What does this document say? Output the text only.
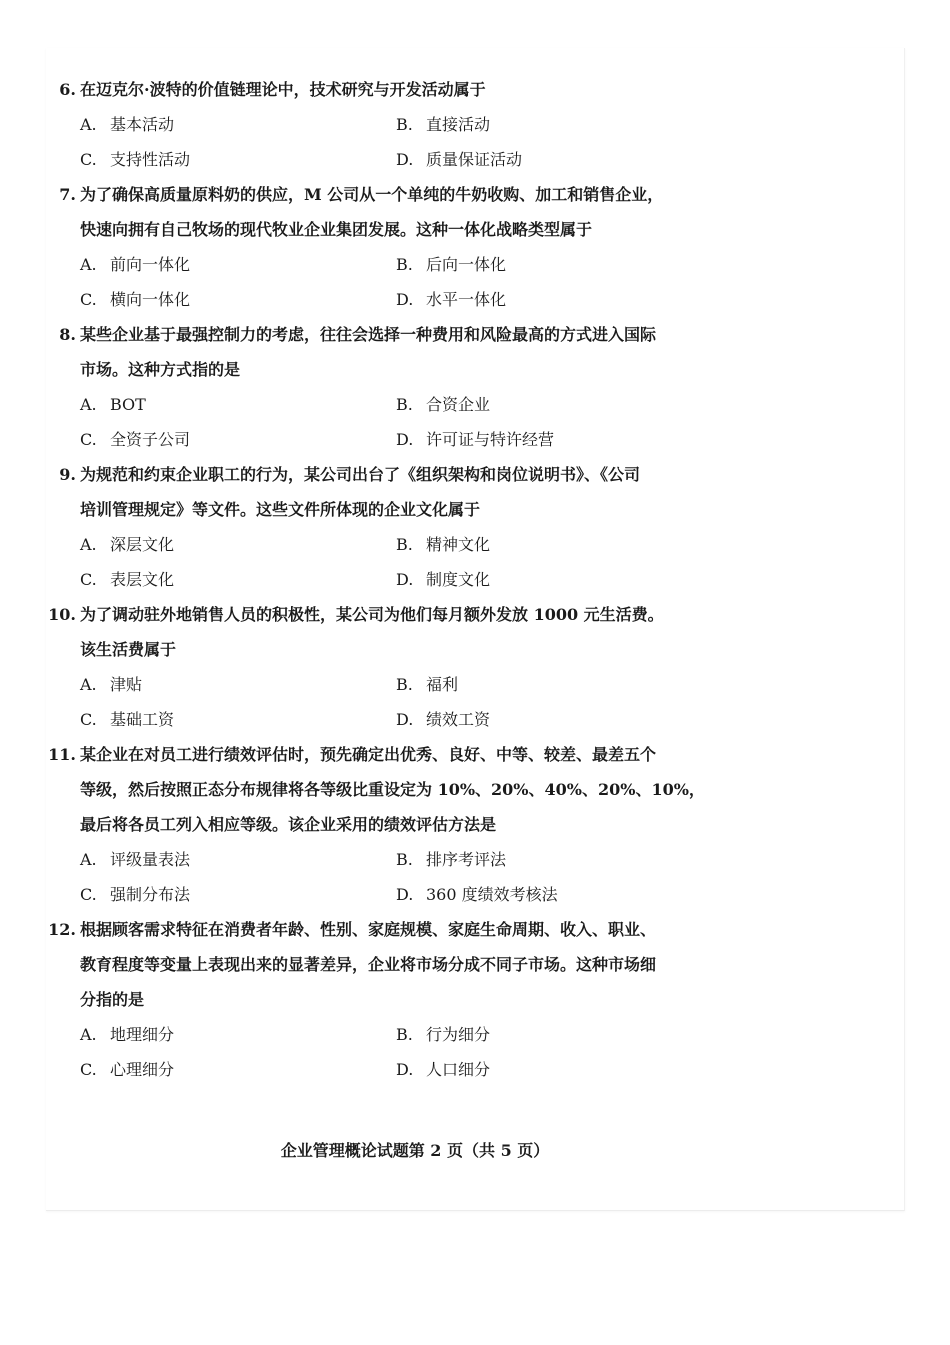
6. 在迈克尔·波特的价值链理论中，技术研究与开发活动属于
A. 基本活动	B. 直接活动
C. 支持性活动	D. 质量保证活动
7. 为了确保高质量原料奶的供应，M 公司从一个单纯的牛奶收购、加工和销售企业，
快速向拥有自己牧场的现代牧业企业集团发展。这种一体化战略类型属于
A. 前向一体化	B. 后向一体化
C. 横向一体化	D. 水平一体化
8. 某些企业基于最强控制力的考虑，往往会选择一种费用和风险最高的方式进入国际
市场。这种方式指的是
A. BOT	B. 合资企业
C. 全资子公司	D. 许可证与特许经营
9. 为规范和约束企业职工的行为，某公司出台了《组织架构和岗位说明书》、《公司
培训管理规定》等文件。这些文件所体现的企业文化属于
A. 深层文化	B. 精神文化
C. 表层文化	D. 制度文化
10. 为了调动驻外地销售人员的积极性，某公司为他们每月额外发放 1000 元生活费。
该生活费属于
A. 津贴	B. 福利
C. 基础工资	D. 绩效工资
11. 某企业在对员工进行绩效评估时，预先确定出优秀、良好、中等、较差、最差五个
等级，然后按照正态分布规律将各等级比重设定为 10%、20%、40%、20%、10%，
最后将各员工列入相应等级。该企业采用的绩效评估方法是
A. 评级量表法	B. 排序考评法
C. 强制分布法	D. 360 度绩效考核法
12. 根据顾客需求特征在消费者年龄、性别、家庭规模、家庭生命周期、收入、职业、
教育程度等变量上表现出来的显著差异，企业将市场分成不同子市场。这种市场细
分指的是
A. 地理细分	B. 行为细分
C. 心理细分	D. 人口细分
企业管理概论试题第 2 页（共 5 页）
